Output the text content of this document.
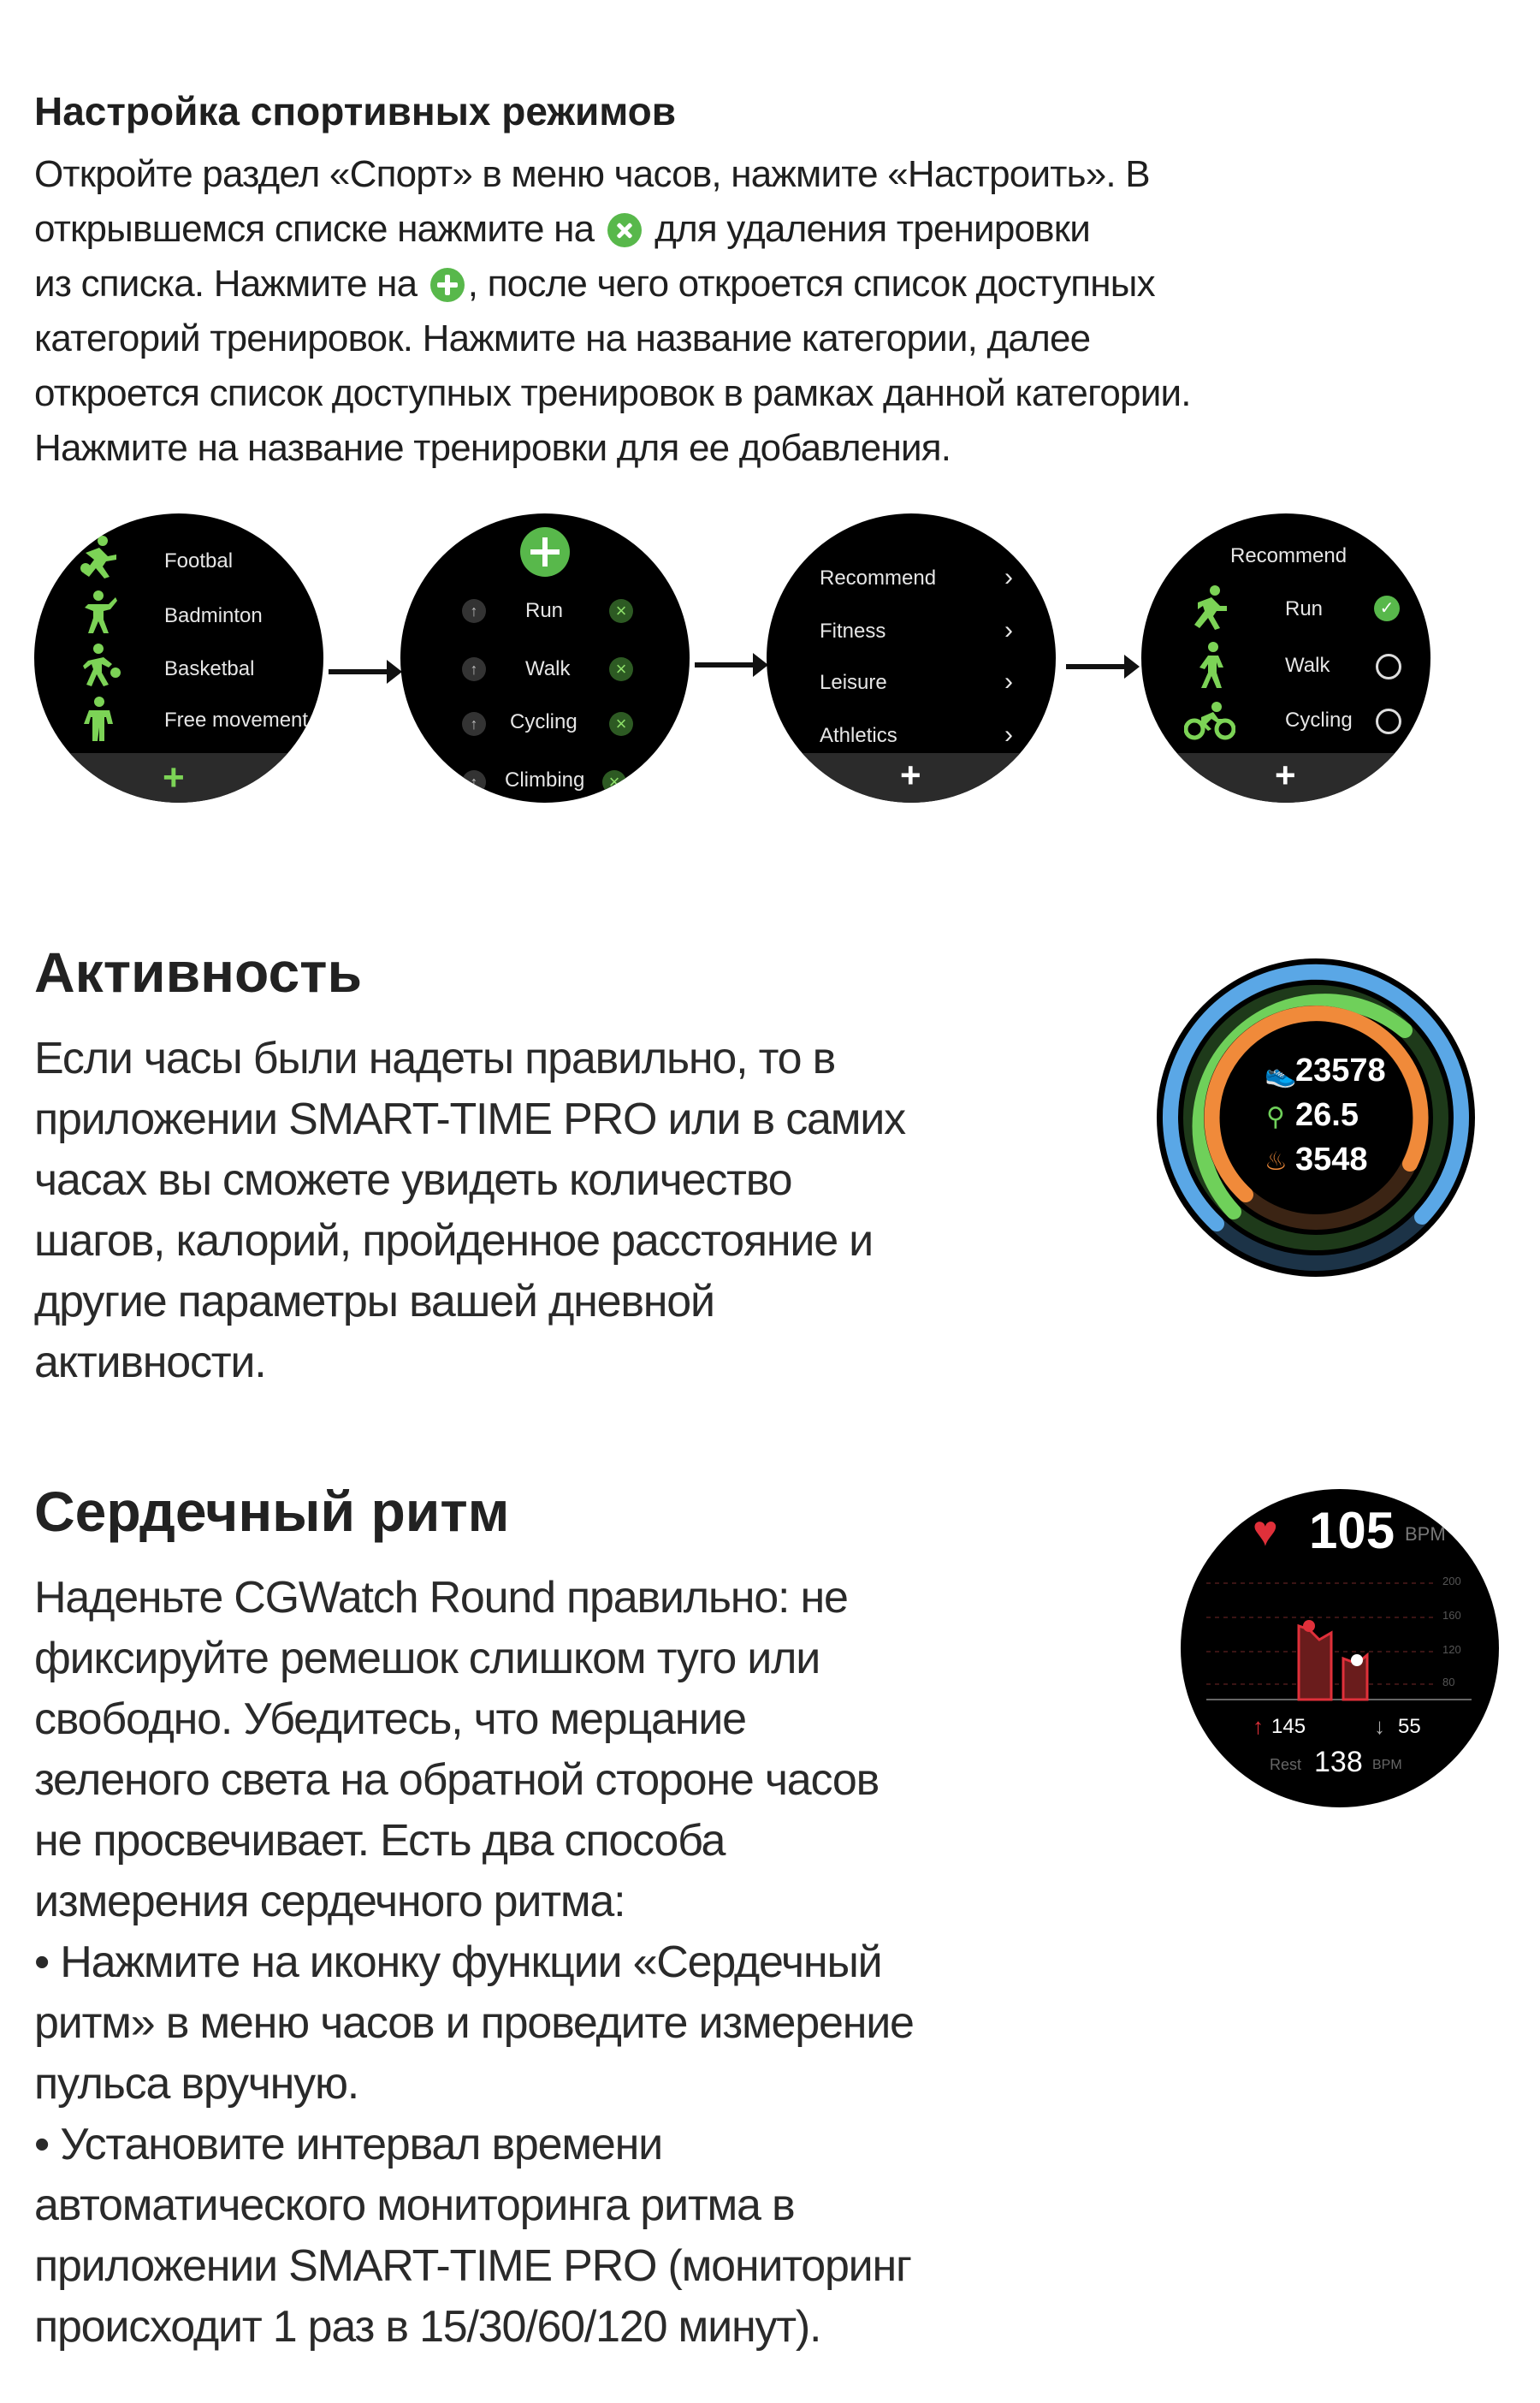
Настройка спортивных режимов
Откройте раздел «Спорт» в меню часов, нажмите «Настроить». В
открывшемся списке нажмите на  для удаления тренировки
из списка. Нажмите на , после чего откроется список доступных
категорий тренировок. Нажмите на название категории, далее
откроется список доступных тренировок в рамках данной категории.
Нажмите на название тренировки для ее добавления.
Footbal
Badminton
Basketbal
Free movement
+
↑	Run	×
↑	Walk	×
↑	Cycling	×
↑	Climbing	×
Recommend	›
Fitness	›
Leisure	›
Athletics	›
+
Recommend
Run	✓
Walk
Cycling
+
Активность
Если часы были надеты правильно, то в
приложении SMART-TIME PRO или в самих
часах вы сможете увидеть количество
шагов, калорий, пройденное расстояние и
другие параметры вашей дневной
активности.
👟
23578
⚲ 26.5
♨ 3548
Сердечный ритм
Наденьте CGWatch Round правильно: не
фиксируйте ремешок слишком туго или
свободно. Убедитесь, что мерцание
зеленого света на обратной стороне часов
не просвечивает. Есть два способа
измерения сердечного ритма:
• Нажмите на иконку функции «Сердечный
ритм» в меню часов и проведите измерение
пульса вручную.
• Установите интервал времени
автоматического мониторинга ритма в
приложении SMART-TIME PRO (мониторинг
происходит 1 раз в 15/30/60/120 минут).
♥ 105 BPM
200
160
120
80
↑ 145	↓ 55
Rest 138 BPM
